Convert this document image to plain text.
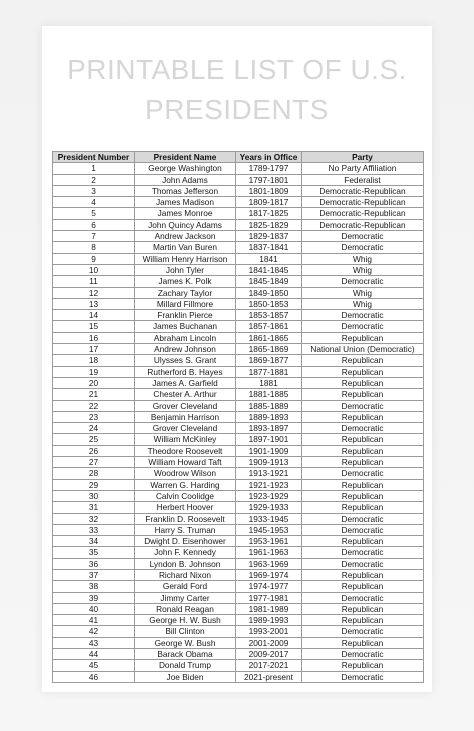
PRINTABLE LIST OF U.S. PRESIDENTS
President Number	President Name	Years in Office	Party
1	George Washington	1789-1797	No Party Affiliation
2	John Adams	1797-1801	Federalist
3	Thomas Jefferson	1801-1809	Democratic-Republican
4	James Madison	1809-1817	Democratic-Republican
5	James Monroe	1817-1825	Democratic-Republican
6	John Quincy Adams	1825-1829	Democratic-Republican
7	Andrew Jackson	1829-1837	Democratic
8	Martin Van Buren	1837-1841	Democratic
9	William Henry Harrison	1841	Whig
10	John Tyler	1841-1845	Whig
11	James K. Polk	1845-1849	Democratic
12	Zachary Taylor	1849-1850	Whig
13	Millard Fillmore	1850-1853	Whig
14	Franklin Pierce	1853-1857	Democratic
15	James Buchanan	1857-1861	Democratic
16	Abraham Lincoln	1861-1865	Republican
17	Andrew Johnson	1865-1869	National Union (Democratic)
18	Ulysses S. Grant	1869-1877	Republican
19	Rutherford B. Hayes	1877-1881	Republican
20	James A. Garfield	1881	Republican
21	Chester A. Arthur	1881-1885	Republican
22	Grover Cleveland	1885-1889	Democratic
23	Benjamin Harrison	1889-1893	Republican
24	Grover Cleveland	1893-1897	Democratic
25	William McKinley	1897-1901	Republican
26	Theodore Roosevelt	1901-1909	Republican
27	William Howard Taft	1909-1913	Republican
28	Woodrow Wilson	1913-1921	Democratic
29	Warren G. Harding	1921-1923	Republican
30	Calvin Coolidge	1923-1929	Republican
31	Herbert Hoover	1929-1933	Republican
32	Franklin D. Roosevelt	1933-1945	Democratic
33	Harry S. Truman	1945-1953	Democratic
34	Dwight D. Eisenhower	1953-1961	Republican
35	John F. Kennedy	1961-1963	Democratic
36	Lyndon B. Johnson	1963-1969	Democratic
37	Richard Nixon	1969-1974	Republican
38	Gerald Ford	1974-1977	Republican
39	Jimmy Carter	1977-1981	Democratic
40	Ronald Reagan	1981-1989	Republican
41	George H. W. Bush	1989-1993	Republican
42	Bill Clinton	1993-2001	Democratic
43	George W. Bush	2001-2009	Republican
44	Barack Obama	2009-2017	Democratic
45	Donald Trump	2017-2021	Republican
46	Joe Biden	2021-present	Democratic
